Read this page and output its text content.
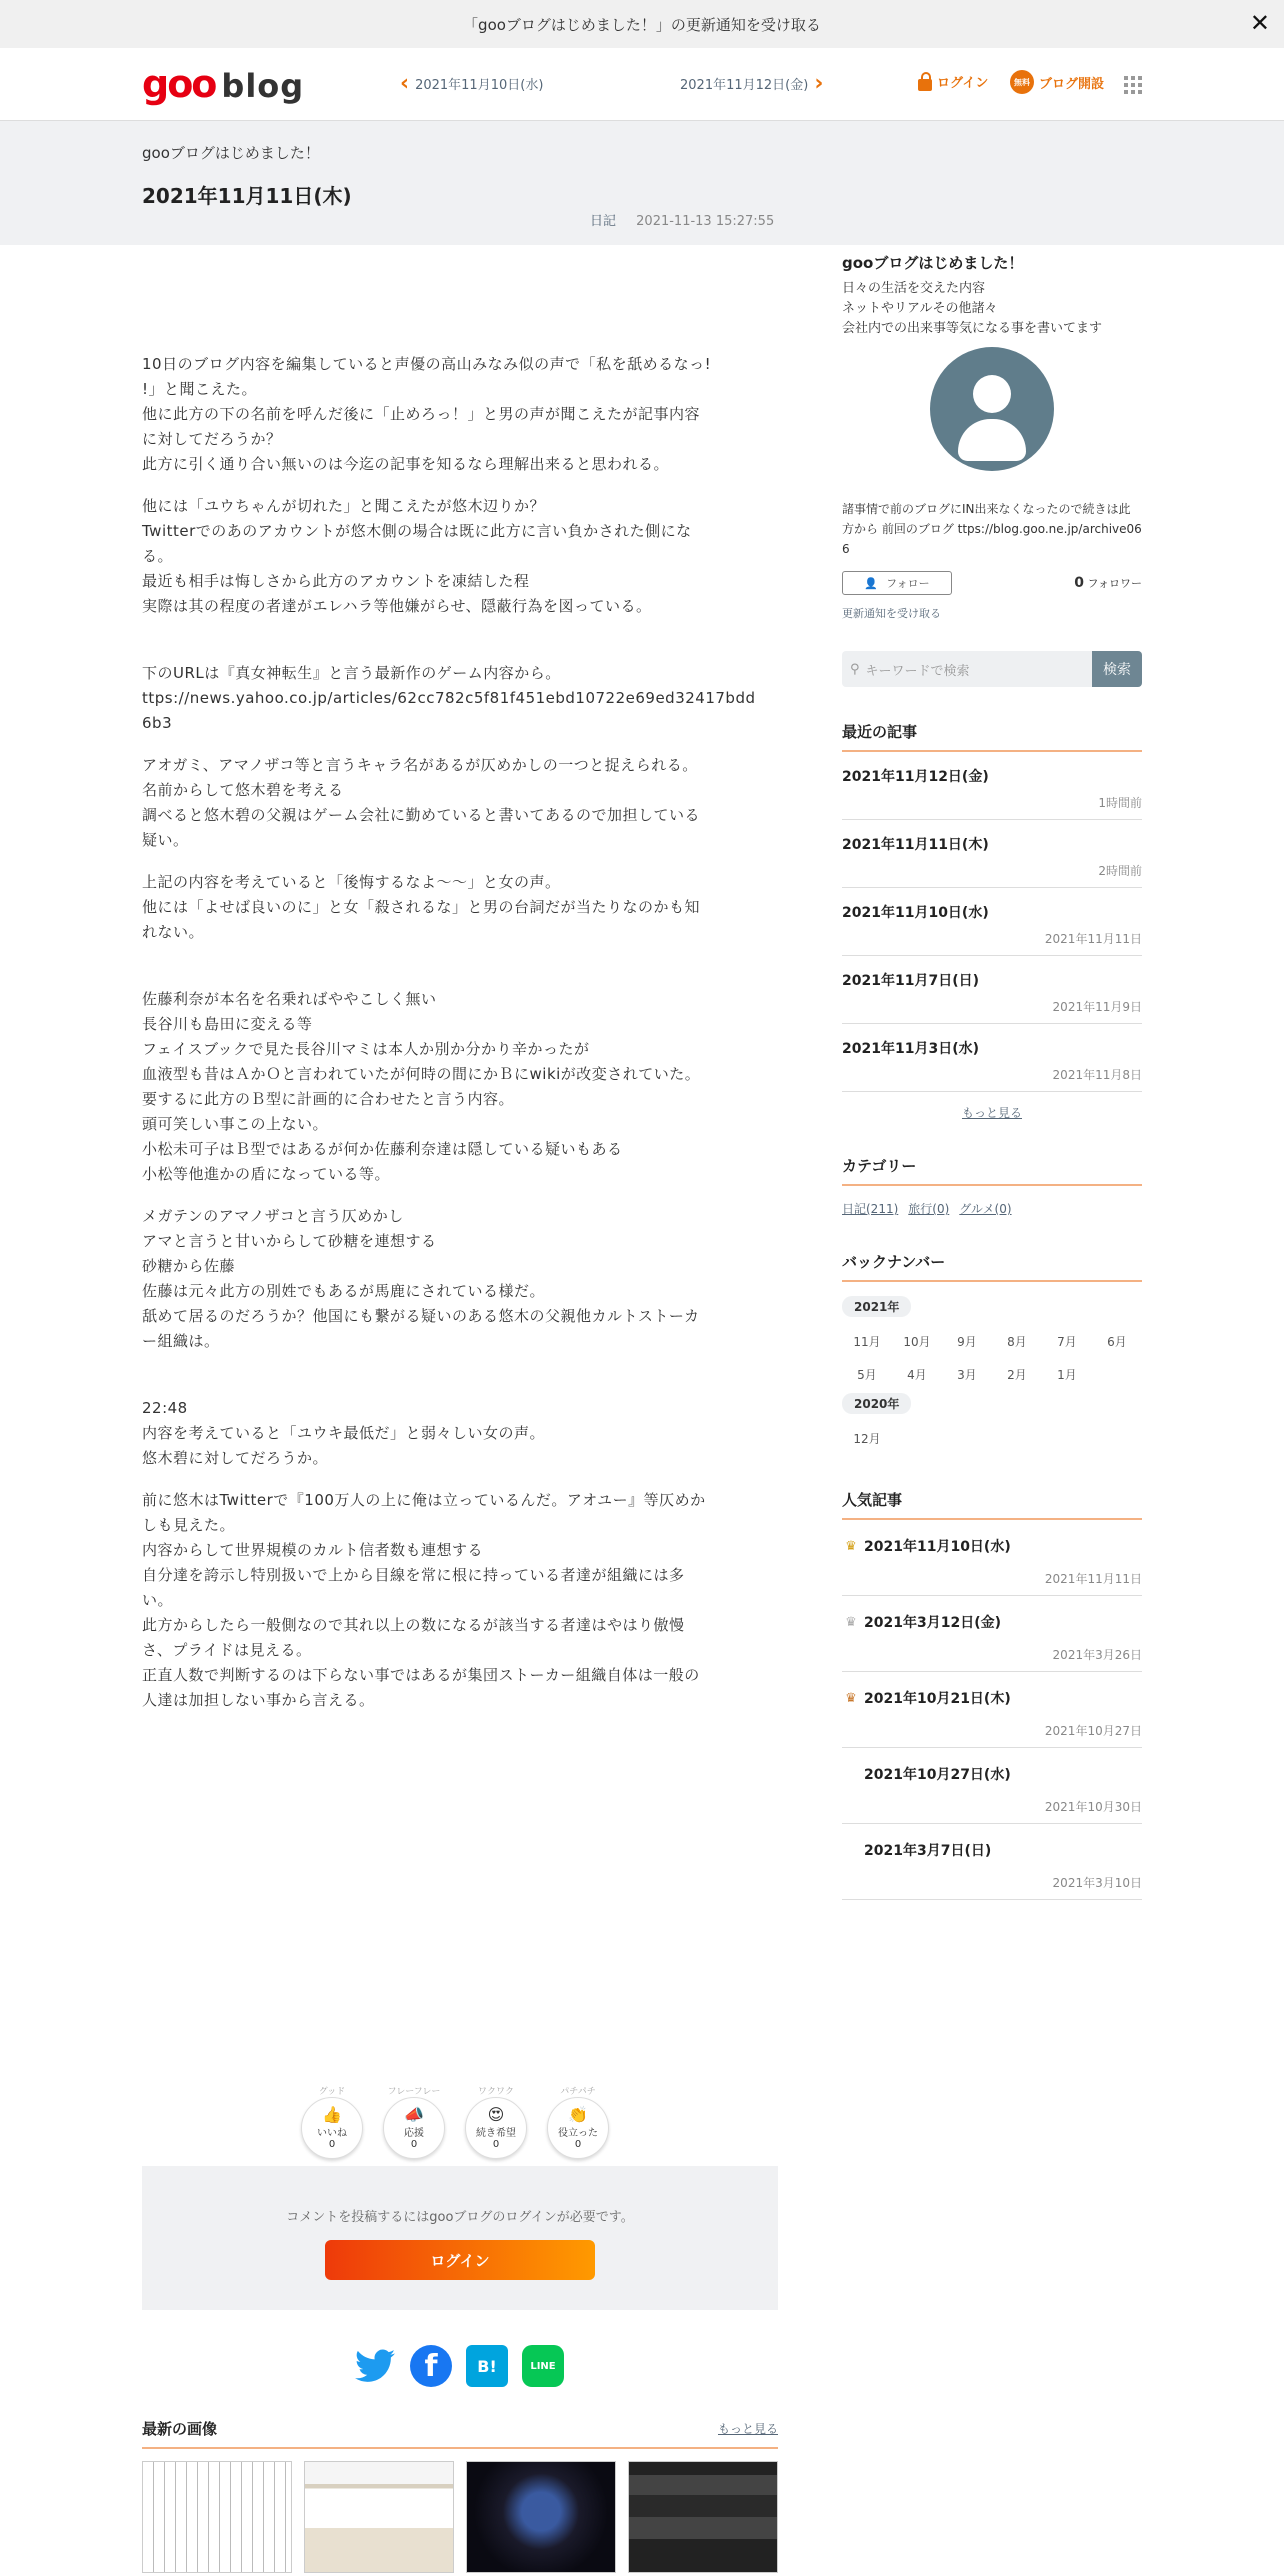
「gooブログはじめました！」の更新通知を受け取る	✕
goo blog	‹ 2021年11月10日(水)	2021年11月12日(金) ›	ログイン	無料 ブログ開設
gooブログはじめました！
2021年11月11日(木)
日記 2021-11-13 15:27:55

10日のブログ内容を編集していると声優の高山みなみ似の声で「私を舐めるなっ!
!」と聞こえた。
他に此方の下の名前を呼んだ後に「止めろっ！」と男の声が聞こえたが記事内容
に対してだろうか？
此方に引く通り合い無いのは今迄の記事を知るなら理解出来ると思われる。

他には「ユウちゃんが切れた」と聞こえたが悠木辺りか？
Twitterでのあのアカウントが悠木側の場合は既に此方に言い負かされた側にな
る。
最近も相手は悔しさから此方のアカウントを凍結した程
実際は其の程度の者達がエレハラ等他嫌がらせ、隠蔽行為を図っている。

下のURLは『真女神転生』と言う最新作のゲーム内容から。
ttps://news.yahoo.co.jp/articles/62cc782c5f81f451ebd10722e69ed32417bdd
6b3

アオガミ、アマノザコ等と言うキャラ名があるが仄めかしの一つと捉えられる。
名前からして悠木碧を考える
調べると悠木碧の父親はゲーム会社に勤めていると書いてあるので加担している
疑い。

上記の内容を考えていると「後悔するなよ～～」と女の声。
他には「よせば良いのに」と女「殺されるな」と男の台詞だが当たりなのかも知
れない。

佐藤利奈が本名を名乗ればややこしく無い
長谷川も島田に変える等
フェイスブックで見た長谷川マミは本人か別か分かり辛かったが
血液型も昔はＡかＯと言われていたが何時の間にかＢにwikiが改変されていた。
要するに此方のＢ型に計画的に合わせたと言う内容。
頭可笑しい事この上ない。
小松未可子はＢ型ではあるが何か佐藤利奈達は隠している疑いもある
小松等他進かの盾になっている等。

メガテンのアマノザコと言う仄めかし
アマと言うと甘いからして砂糖を連想する
砂糖から佐藤
佐藤は元々此方の別姓でもあるが馬鹿にされている様だ。
舐めて居るのだろうか？他国にも繋がる疑いのある悠木の父親他カルトストーカ
ー組織は。

22:48
内容を考えていると「ユウキ最低だ」と弱々しい女の声。
悠木碧に対してだろうか。

前に悠木はTwitterで『100万人の上に俺は立っているんだ。アオユー』等仄めか
しも見えた。
内容からして世界規模のカルト信者数も連想する
自分達を誇示し特別扱いで上から目線を常に根に持っている者達が組織には多
い。
此方からしたら一般側なので其れ以上の数になるが該当する者達はやはり傲慢
さ、プライドは見える。
正直人数で判断するのは下らない事ではあるが集団ストーカー組織自体は一般の
人達は加担しない事から言える。

gooブログはじめました！
日々の生活を交えた内容
ネットやリアルその他諸々
会社内での出来事等気になる事を書いてます
諸事情で前のブログにIN出来なくなったので続きは此方から 前回のブログ ttps://blog.goo.ne.jp/archive066
👤 フォロー	0 フォロワー
更新通知を受け取る
⚲ キーワードで検索	検索
最近の記事
2021年11月12日(金)
1時間前
2021年11月11日(木)
2時間前
2021年11月10日(水)
2021年11月11日
2021年11月7日(日)
2021年11月9日
2021年11月3日(水)
2021年11月8日
もっと見る
カテゴリー
日記(211) 旅行(0) グルメ(0)
バックナンバー
2021年
11月	10月	9月	8月	7月	6月
5月	4月	3月	2月	1月
2020年
12月
人気記事
♛ 2021年11月10日(水)
2021年11月11日
♛ 2021年3月12日(金)
2021年3月26日
♛ 2021年10月21日(木)
2021年10月27日
2021年10月27日(水)
2021年10月30日
2021年3月7日(日)
2021年3月10日
グッド
👍
いいね
0
フレーフレー
📣
応援
0
ワクワク
😍
続き希望
0
パチパチ
👏
役立った
0
コメントを投稿するにはgooブログのログインが必要です。
ログイン
f	B!	LINE
最新の画像	もっと見る
